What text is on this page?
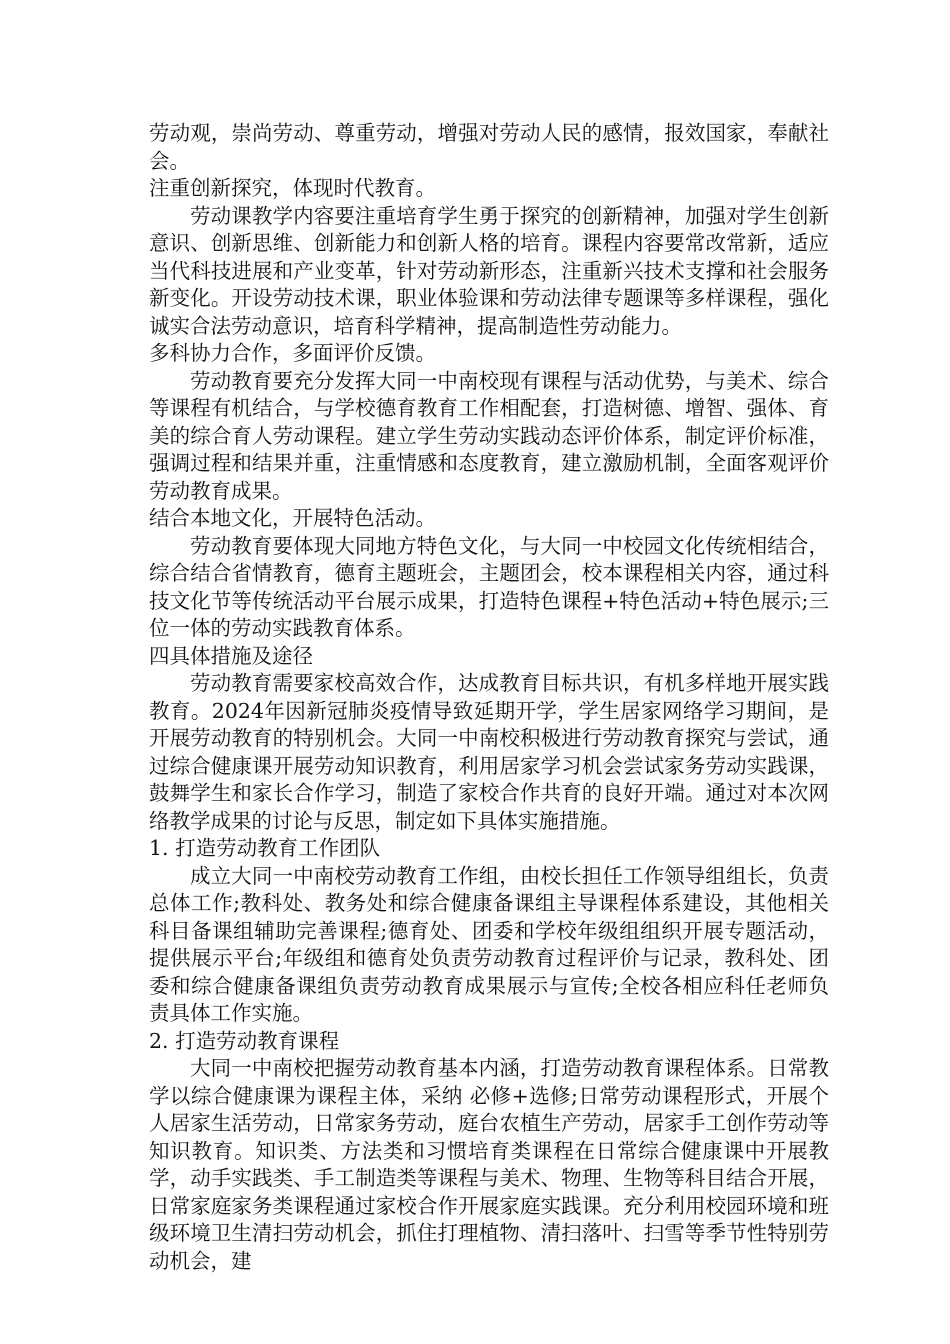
劳动观，崇尚劳动、尊重劳动，增强对劳动人民的感情，报效国家，奉献社会。

注重创新探究，体现时代教育。

劳动课教学内容要注重培育学生勇于探究的创新精神，加强对学生创新意识、创新思维、创新能力和创新人格的培育。课程内容要常改常新，适应当代科技进展和产业变革，针对劳动新形态，注重新兴技术支撑和社会服务新变化。开设劳动技术课，职业体验课和劳动法律专题课等多样课程，强化诚实合法劳动意识，培育科学精神，提高制造性劳动能力。

多科协力合作，多面评价反馈。

劳动教育要充分发挥大同一中南校现有课程与活动优势，与美术、综合等课程有机结合，与学校德育教育工作相配套，打造树德、增智、强体、育美的综合育人劳动课程。建立学生劳动实践动态评价体系，制定评价标准，强调过程和结果并重，注重情感和态度教育，建立激励机制，全面客观评价劳动教育成果。

结合本地文化，开展特色活动。

劳动教育要体现大同地方特色文化，与大同一中校园文化传统相结合，综合结合省情教育，德育主题班会，主题团会，校本课程相关内容，通过科技文化节等传统活动平台展示成果，打造特色课程+特色活动+特色展示;三位一体的劳动实践教育体系。

四具体措施及途径

劳动教育需要家校高效合作，达成教育目标共识，有机多样地开展实践教育。2024年因新冠肺炎疫情导致延期开学，学生居家网络学习期间，是开展劳动教育的特别机会。大同一中南校积极进行劳动教育探究与尝试，通过综合健康课开展劳动知识教育，利用居家学习机会尝试家务劳动实践课，鼓舞学生和家长合作学习，制造了家校合作共育的良好开端。通过对本次网络教学成果的讨论与反思，制定如下具体实施措施。

1. 打造劳动教育工作团队

成立大同一中南校劳动教育工作组，由校长担任工作领导组组长，负责总体工作;教科处、教务处和综合健康备课组主导课程体系建设，其他相关科目备课组辅助完善课程;德育处、团委和学校年级组组织开展专题活动，提供展示平台;年级组和德育处负责劳动教育过程评价与记录，教科处、团委和综合健康备课组负责劳动教育成果展示与宣传;全校各相应科任老师负责具体工作实施。

2. 打造劳动教育课程

大同一中南校把握劳动教育基本内涵，打造劳动教育课程体系。日常教学以综合健康课为课程主体，采纳 必修+选修;日常劳动课程形式，开展个人居家生活劳动，日常家务劳动，庭台农植生产劳动，居家手工创作劳动等知识教育。知识类、方法类和习惯培育类课程在日常综合健康课中开展教学，动手实践类、手工制造类等课程与美术、物理、生物等科目结合开展，日常家庭家务类课程通过家校合作开展家庭实践课。充分利用校园环境和班级环境卫生清扫劳动机会，抓住打理植物、清扫落叶、扫雪等季节性特别劳动机会，建
